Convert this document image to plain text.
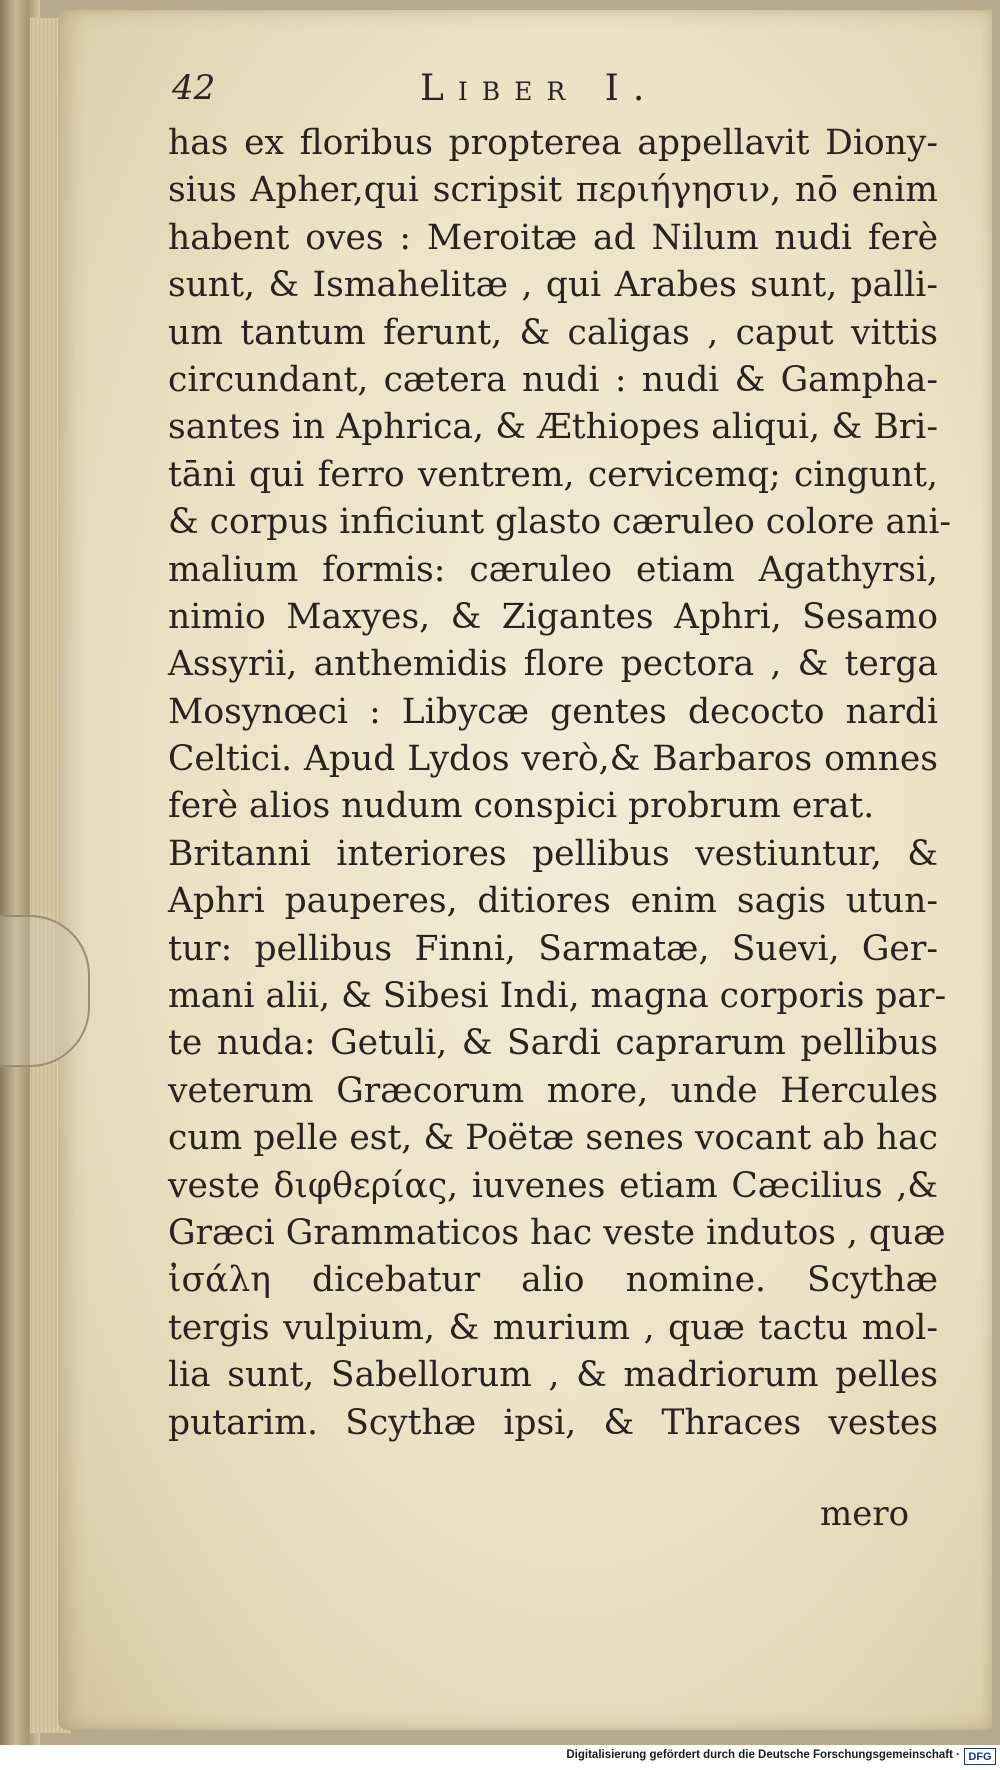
42	Liber I.
has ex floribus propterea appellavit Diony-
sius Apher,qui scripsit περιήγησιν, nō enim
habent oves : Meroitæ ad Nilum nudi ferè
sunt, & Ismahelitæ , qui Arabes sunt, palli-
um tantum ferunt, & caligas , caput vittis
circundant, cætera nudi : nudi & Gampha-
santes in Aphrica, & Æthiopes aliqui, & Bri-
tāni qui ferro ventrem, cervicemq; cingunt,
& corpus inficiunt glasto cæruleo colore ani-
malium formis: cæruleo etiam Agathyrsi,
nimio Maxyes, & Zigantes Aphri, Sesamo
Assyrii, anthemidis flore pectora , & terga
Mosynœci : Libycæ gentes decocto nardi
Celtici. Apud Lydos verò,& Barbaros omnes
ferè alios nudum conspici probrum erat.
Britanni interiores pellibus vestiuntur, &
Aphri pauperes, ditiores enim sagis utun-
tur: pellibus Finni, Sarmatæ, Suevi, Ger-
mani alii, & Sibesi Indi, magna corporis par-
te nuda: Getuli, & Sardi caprarum pellibus
veterum Græcorum more, unde Hercules
cum pelle est, & Poëtæ senes vocant ab hac
veste διφθερίας, iuvenes etiam Cæcilius ,&
Græci Grammaticos hac veste indutos , quæ
ἰσάλη dicebatur alio nomine. Scythæ
tergis vulpium, & murium , quæ tactu mol-
lia sunt, Sabellorum , & madriorum pelles
putarim. Scythæ ipsi, & Thraces vestes
mero
Digitalisierung gefördert durch die Deutsche Forschungsgemeinschaft · DFG
